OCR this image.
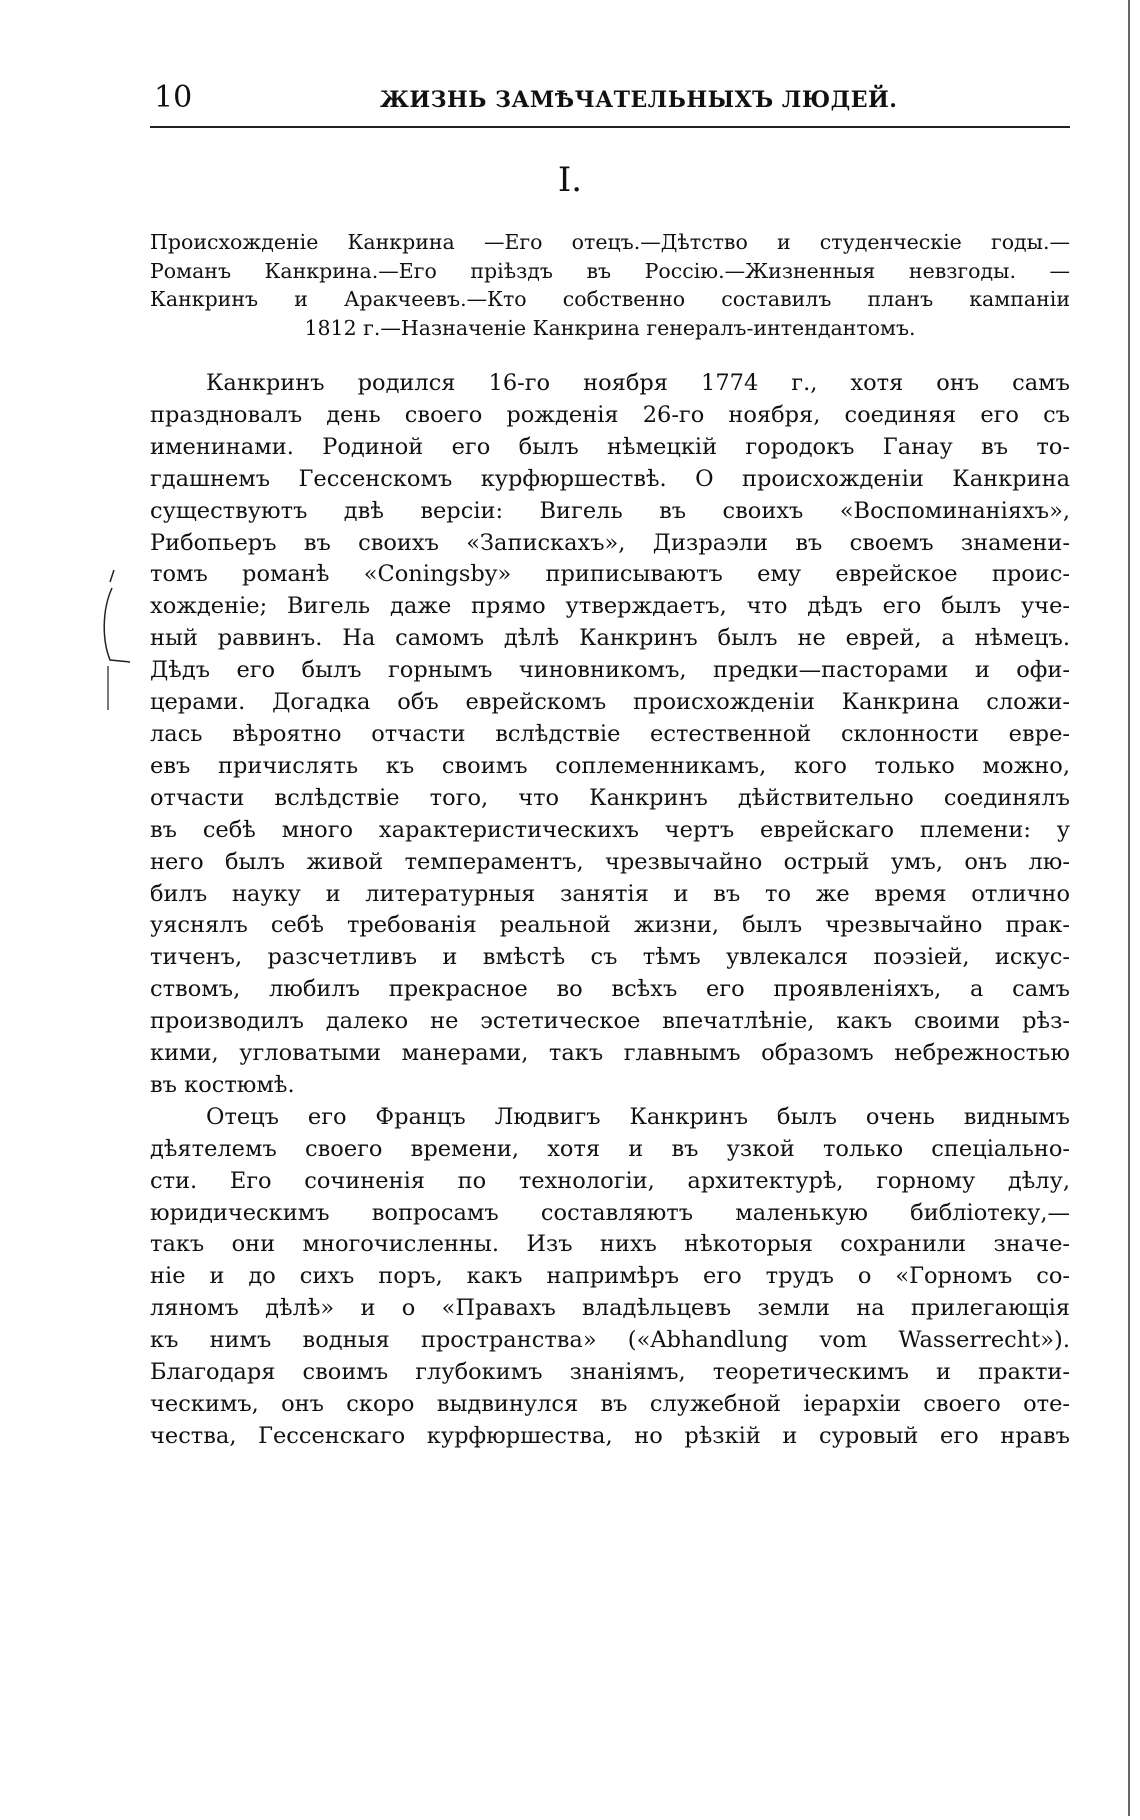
10	ЖИЗНЬ ЗАМѢЧАТЕЛЬНЫХЪ ЛЮДЕЙ.
I.
Происхожденіе Канкрина —Его отецъ.—Дѣтство и студенческіе годы.—
Романъ Канкрина.—Его пріѣздъ въ Россію.—Жизненныя невзгоды. —
Канкринъ и Аракчеевъ.—Кто собственно составилъ планъ кампаніи
1812 г.—Назначеніе Канкрина генералъ-интендантомъ.
Канкринъ родился 16-го ноября 1774 г., хотя онъ самъ
праздновалъ день своего рожденія 26-го ноября, соединяя его съ
именинами. Родиной его былъ нѣмецкій городокъ Ганау въ то-
гдашнемъ Гессенскомъ курфюршествѣ. О происхожденіи Канкрина
существуютъ двѣ версіи: Вигель въ своихъ «Воспоминаніяхъ»,
Рибопьеръ въ своихъ «Запискахъ», Дизраэли въ своемъ знамени-
томъ романѣ «Coningsby» приписываютъ ему еврейское проис-
хожденіе; Вигель даже прямо утверждаетъ, что дѣдъ его былъ уче-
ный раввинъ. На самомъ дѣлѣ Канкринъ былъ не еврей, а нѣмецъ.
Дѣдъ его былъ горнымъ чиновникомъ, предки—пасторами и офи-
церами. Догадка объ еврейскомъ происхожденіи Канкрина сложи-
лась вѣроятно отчасти вслѣдствіе естественной склонности евре-
евъ причислять къ своимъ соплеменникамъ, кого только можно,
отчасти вслѣдствіе того, что Канкринъ дѣйствительно соединялъ
въ себѣ много характеристическихъ чертъ еврейскаго племени: у
него былъ живой темпераментъ, чрезвычайно острый умъ, онъ лю-
билъ науку и литературныя занятія и въ то же время отлично
уяснялъ себѣ требованія реальной жизни, былъ чрезвычайно прак-
тиченъ, разсчетливъ и вмѣстѣ съ тѣмъ увлекался поэзіей, искус-
ствомъ, любилъ прекрасное во всѣхъ его проявленіяхъ, а самъ
производилъ далеко не эстетическое впечатлѣніе, какъ своими рѣз-
кими, угловатыми манерами, такъ главнымъ образомъ небрежностью
въ костюмѣ.
Отецъ его Францъ Людвигъ Канкринъ былъ очень виднымъ
дѣятелемъ своего времени, хотя и въ узкой только спеціально-
сти. Его сочиненія по технологіи, архитектурѣ, горному дѣлу,
юридическимъ вопросамъ составляютъ маленькую библіотеку,—
такъ они многочисленны. Изъ нихъ нѣкоторыя сохранили значе-
ніе и до сихъ поръ, какъ напримѣръ его трудъ о «Горномъ со-
ляномъ дѣлѣ» и о «Правахъ владѣльцевъ земли на прилегающія
къ нимъ водныя пространства» («Abhandlung vom Wasserrecht»).
Благодаря своимъ глубокимъ знаніямъ, теоретическимъ и практи-
ческимъ, онъ скоро выдвинулся въ служебной іерархіи своего оте-
чества, Гессенскаго курфюршества, но рѣзкій и суровый его нравъ
